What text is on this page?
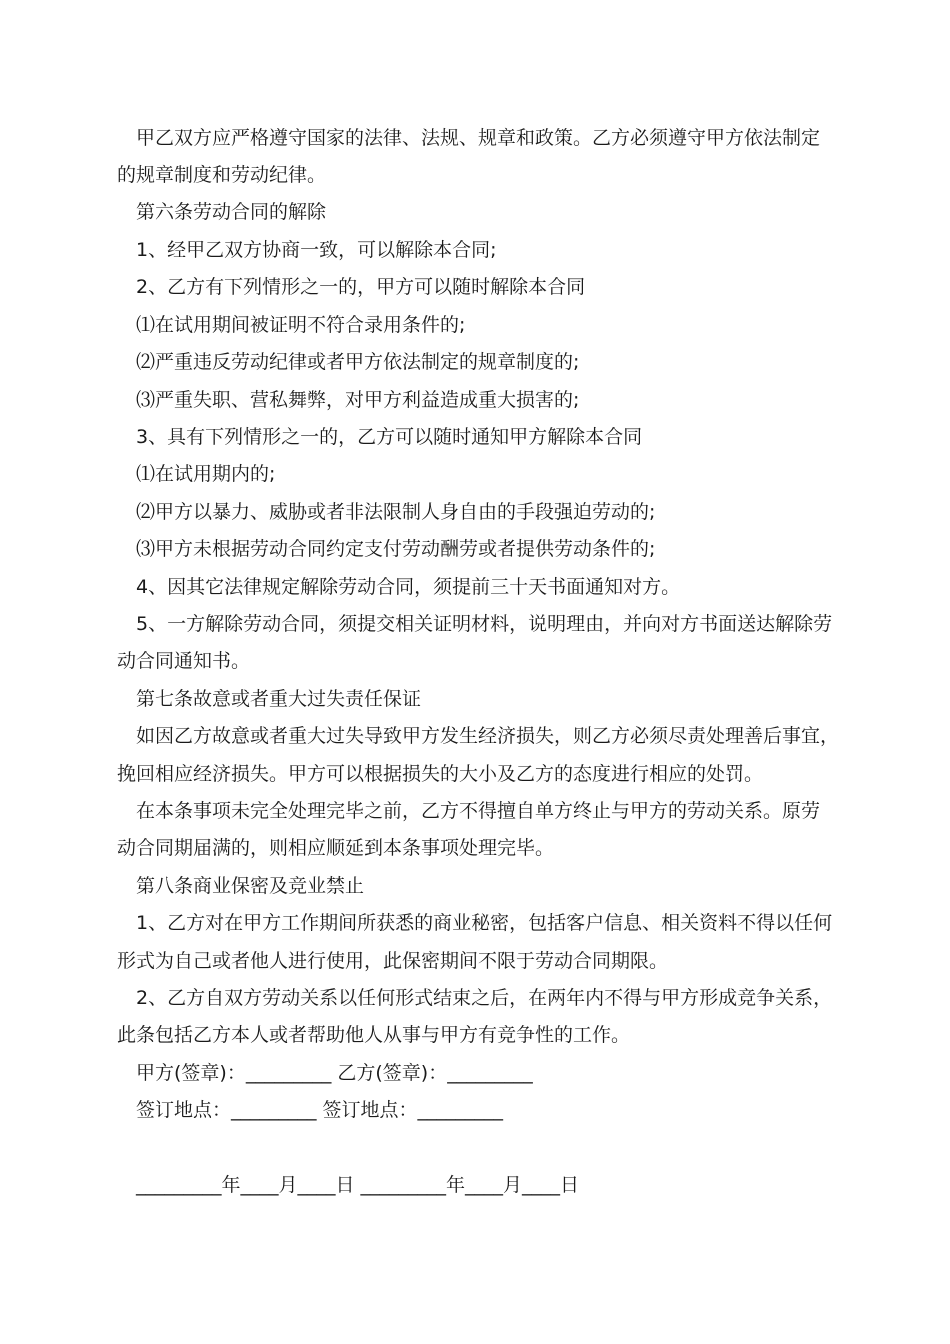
甲乙双方应严格遵守国家的法律、法规、规章和政策。乙方必须遵守甲方依法制定
的规章制度和劳动纪律。
第六条劳动合同的解除
1、经甲乙双方协商一致，可以解除本合同;
2、乙方有下列情形之一的，甲方可以随时解除本合同
⑴在试用期间被证明不符合录用条件的;
⑵严重违反劳动纪律或者甲方依法制定的规章制度的;
⑶严重失职、营私舞弊，对甲方利益造成重大损害的;
3、具有下列情形之一的，乙方可以随时通知甲方解除本合同
⑴在试用期内的;
⑵甲方以暴力、威胁或者非法限制人身自由的手段强迫劳动的;
⑶甲方未根据劳动合同约定支付劳动酬劳或者提供劳动条件的;
4、因其它法律规定解除劳动合同，须提前三十天书面通知对方。
5、一方解除劳动合同，须提交相关证明材料，说明理由，并向对方书面送达解除劳
动合同通知书。
第七条故意或者重大过失责任保证
如因乙方故意或者重大过失导致甲方发生经济损失，则乙方必须尽责处理善后事宜，
挽回相应经济损失。甲方可以根据损失的大小及乙方的态度进行相应的处罚。
在本条事项未完全处理完毕之前，乙方不得擅自单方终止与甲方的劳动关系。原劳
动合同期届满的，则相应顺延到本条事项处理完毕。
第八条商业保密及竞业禁止
1、乙方对在甲方工作期间所获悉的商业秘密，包括客户信息、相关资料不得以任何
形式为自己或者他人进行使用，此保密期间不限于劳动合同期限。
2、乙方自双方劳动关系以任何形式结束之后，在两年内不得与甲方形成竞争关系，
此条包括乙方本人或者帮助他人从事与甲方有竞争性的工作。
甲方(签章)：_________ 乙方(签章)：_________
签订地点：_________ 签订地点：_________
_________年____月____日 _________年____月____日
